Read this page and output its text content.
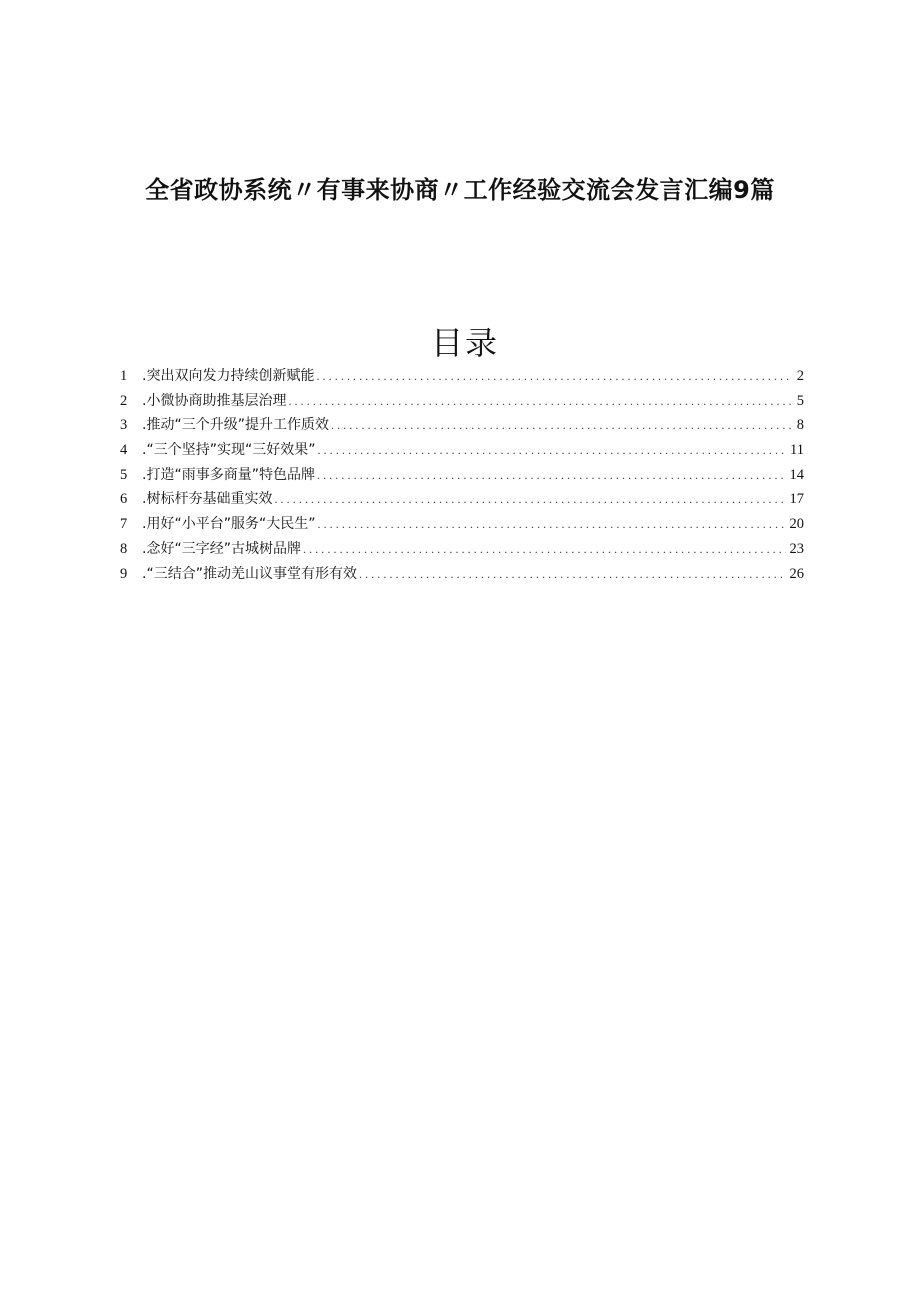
全省政协系统〃有事来协商〃工作经验交流会发言汇编9篇
目录
1	.突出双向发力持续创新赋能 .....	2
2	.小微协商助推基层治理 .....	5
3	.推动“三个升级”提升工作质效 .....	8
4	.“三个坚持”实现“三好效果” .....	11
5	.打造“雨事多商量”特色品牌 .....	14
6	.树标杆夯基础重实效 .....	17
7	.用好“小平台”服务“大民生” .....	20
8	.念好“三字经”古城树品牌 .....	23
9	.“三结合”推动羌山议事堂有形有效 .....	26
